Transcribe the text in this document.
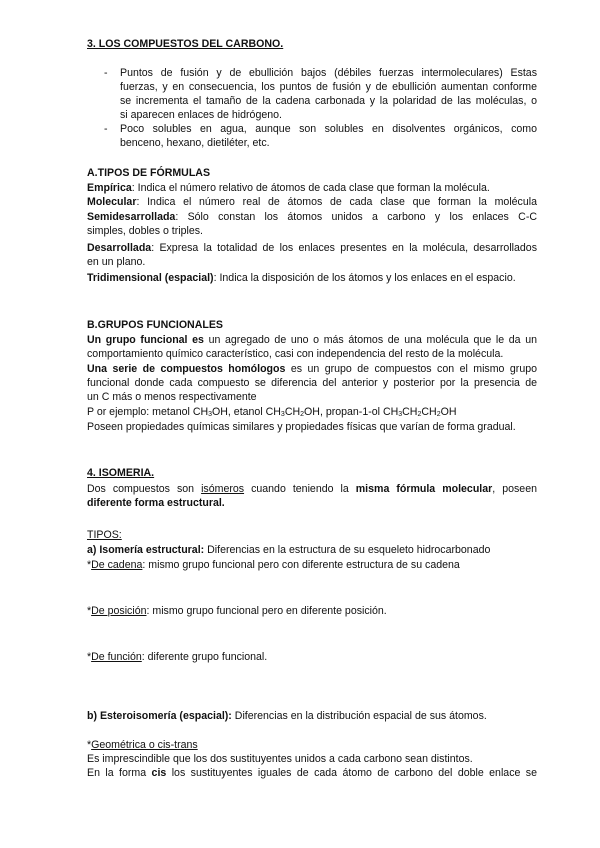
3. LOS COMPUESTOS DEL CARBONO.
- Puntos de fusión y de ebullición bajos (débiles fuerzas intermoleculares) Estas
fuerzas, y en consecuencia, los puntos de fusión y de ebullición aumentan conforme
se incrementa el tamaño de la cadena carbonada y la polaridad de las moléculas, o
si aparecen enlaces de hidrógeno.
- Poco solubles en agua, aunque son solubles en disolventes orgánicos, como
benceno, hexano, dietiléter, etc.
A.TIPOS DE FÓRMULAS
Empírica: Indica el número relativo de átomos de cada clase que forman la molécula.
Molecular: Indica el número real de átomos de cada clase que forman la molécula
Semidesarrollada: Sólo constan los átomos unidos a carbono y los enlaces C-C
simples, dobles o triples.
Desarrollada: Expresa la totalidad de los enlaces presentes en la molécula, desarrollados
en un plano.
Tridimensional (espacial): Indica la disposición de los átomos y los enlaces en el espacio.
B.GRUPOS FUNCIONALES
Un grupo funcional es un agregado de uno o más átomos de una molécula que le da un
comportamiento químico característico, casi con independencia del resto de la molécula.
Una serie de compuestos homólogos es un grupo de compuestos con el mismo grupo
funcional donde cada compuesto se diferencia del anterior y posterior por la presencia de
un C más o menos respectivamente
P or ejemplo: metanol $CH_3OH$, etanol $CH_3CH_2OH$, propan-1-ol $CH_3CH_2CH_2OH$
Poseen propiedades químicas similares y propiedades físicas que varían de forma gradual.
4. ISOMERIA.
Dos compuestos son isómeros cuando teniendo la misma fórmula molecular, poseen
diferente forma estructural.
TIPOS:
a) Isomería estructural: Diferencias en la estructura de su esqueleto hidrocarbonado
*De cadena: mismo grupo funcional pero con diferente estructura de su cadena
*De posición: mismo grupo funcional pero en diferente posición.
*De función: diferente grupo funcional.
b) Esteroisomería (espacial): Diferencias en la distribución espacial de sus átomos.
*Geométrica o cis-trans
Es imprescindible que los dos sustituyentes unidos a cada carbono sean distintos.
En la forma cis los sustituyentes iguales de cada átomo de carbono del doble enlace se
